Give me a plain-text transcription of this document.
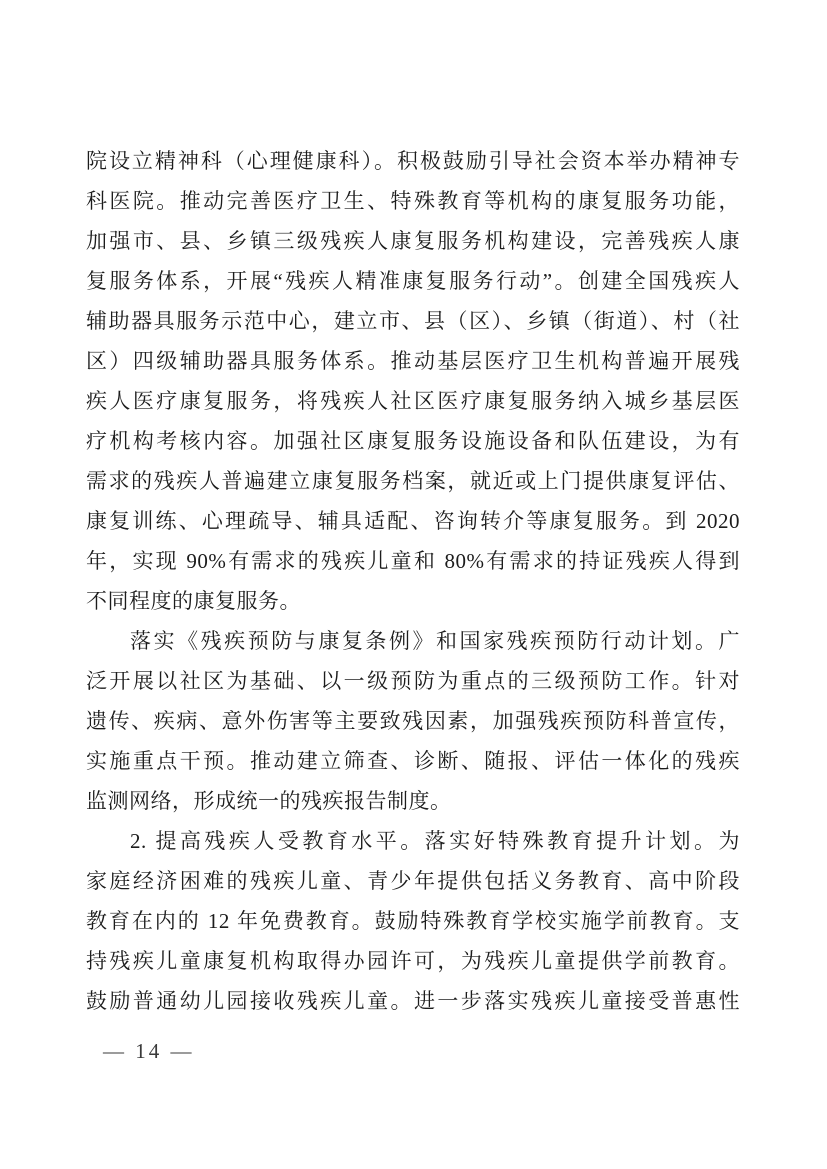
院设立精神科（心理健康科）。积极鼓励引导社会资本举办精神专
科医院。推动完善医疗卫生、特殊教育等机构的康复服务功能，
加强市、县、乡镇三级残疾人康复服务机构建设，完善残疾人康
复服务体系，开展“残疾人精准康复服务行动”。创建全国残疾人
辅助器具服务示范中心，建立市、县（区）、乡镇（街道）、村（社
区）四级辅助器具服务体系。推动基层医疗卫生机构普遍开展残
疾人医疗康复服务，将残疾人社区医疗康复服务纳入城乡基层医
疗机构考核内容。加强社区康复服务设施设备和队伍建设，为有
需求的残疾人普遍建立康复服务档案，就近或上门提供康复评估、
康复训练、心理疏导、辅具适配、咨询转介等康复服务。到 2020
年，实现 90%有需求的残疾儿童和 80%有需求的持证残疾人得到
不同程度的康复服务。
落实《残疾预防与康复条例》和国家残疾预防行动计划。广
泛开展以社区为基础、以一级预防为重点的三级预防工作。针对
遗传、疾病、意外伤害等主要致残因素，加强残疾预防科普宣传，
实施重点干预。推动建立筛查、诊断、随报、评估一体化的残疾
监测网络，形成统一的残疾报告制度。
2. 提高残疾人受教育水平。落实好特殊教育提升计划。为
家庭经济困难的残疾儿童、青少年提供包括义务教育、高中阶段
教育在内的 12 年免费教育。鼓励特殊教育学校实施学前教育。支
持残疾儿童康复机构取得办园许可，为残疾儿童提供学前教育。
鼓励普通幼儿园接收残疾儿童。进一步落实残疾儿童接受普惠性
— 14 —
